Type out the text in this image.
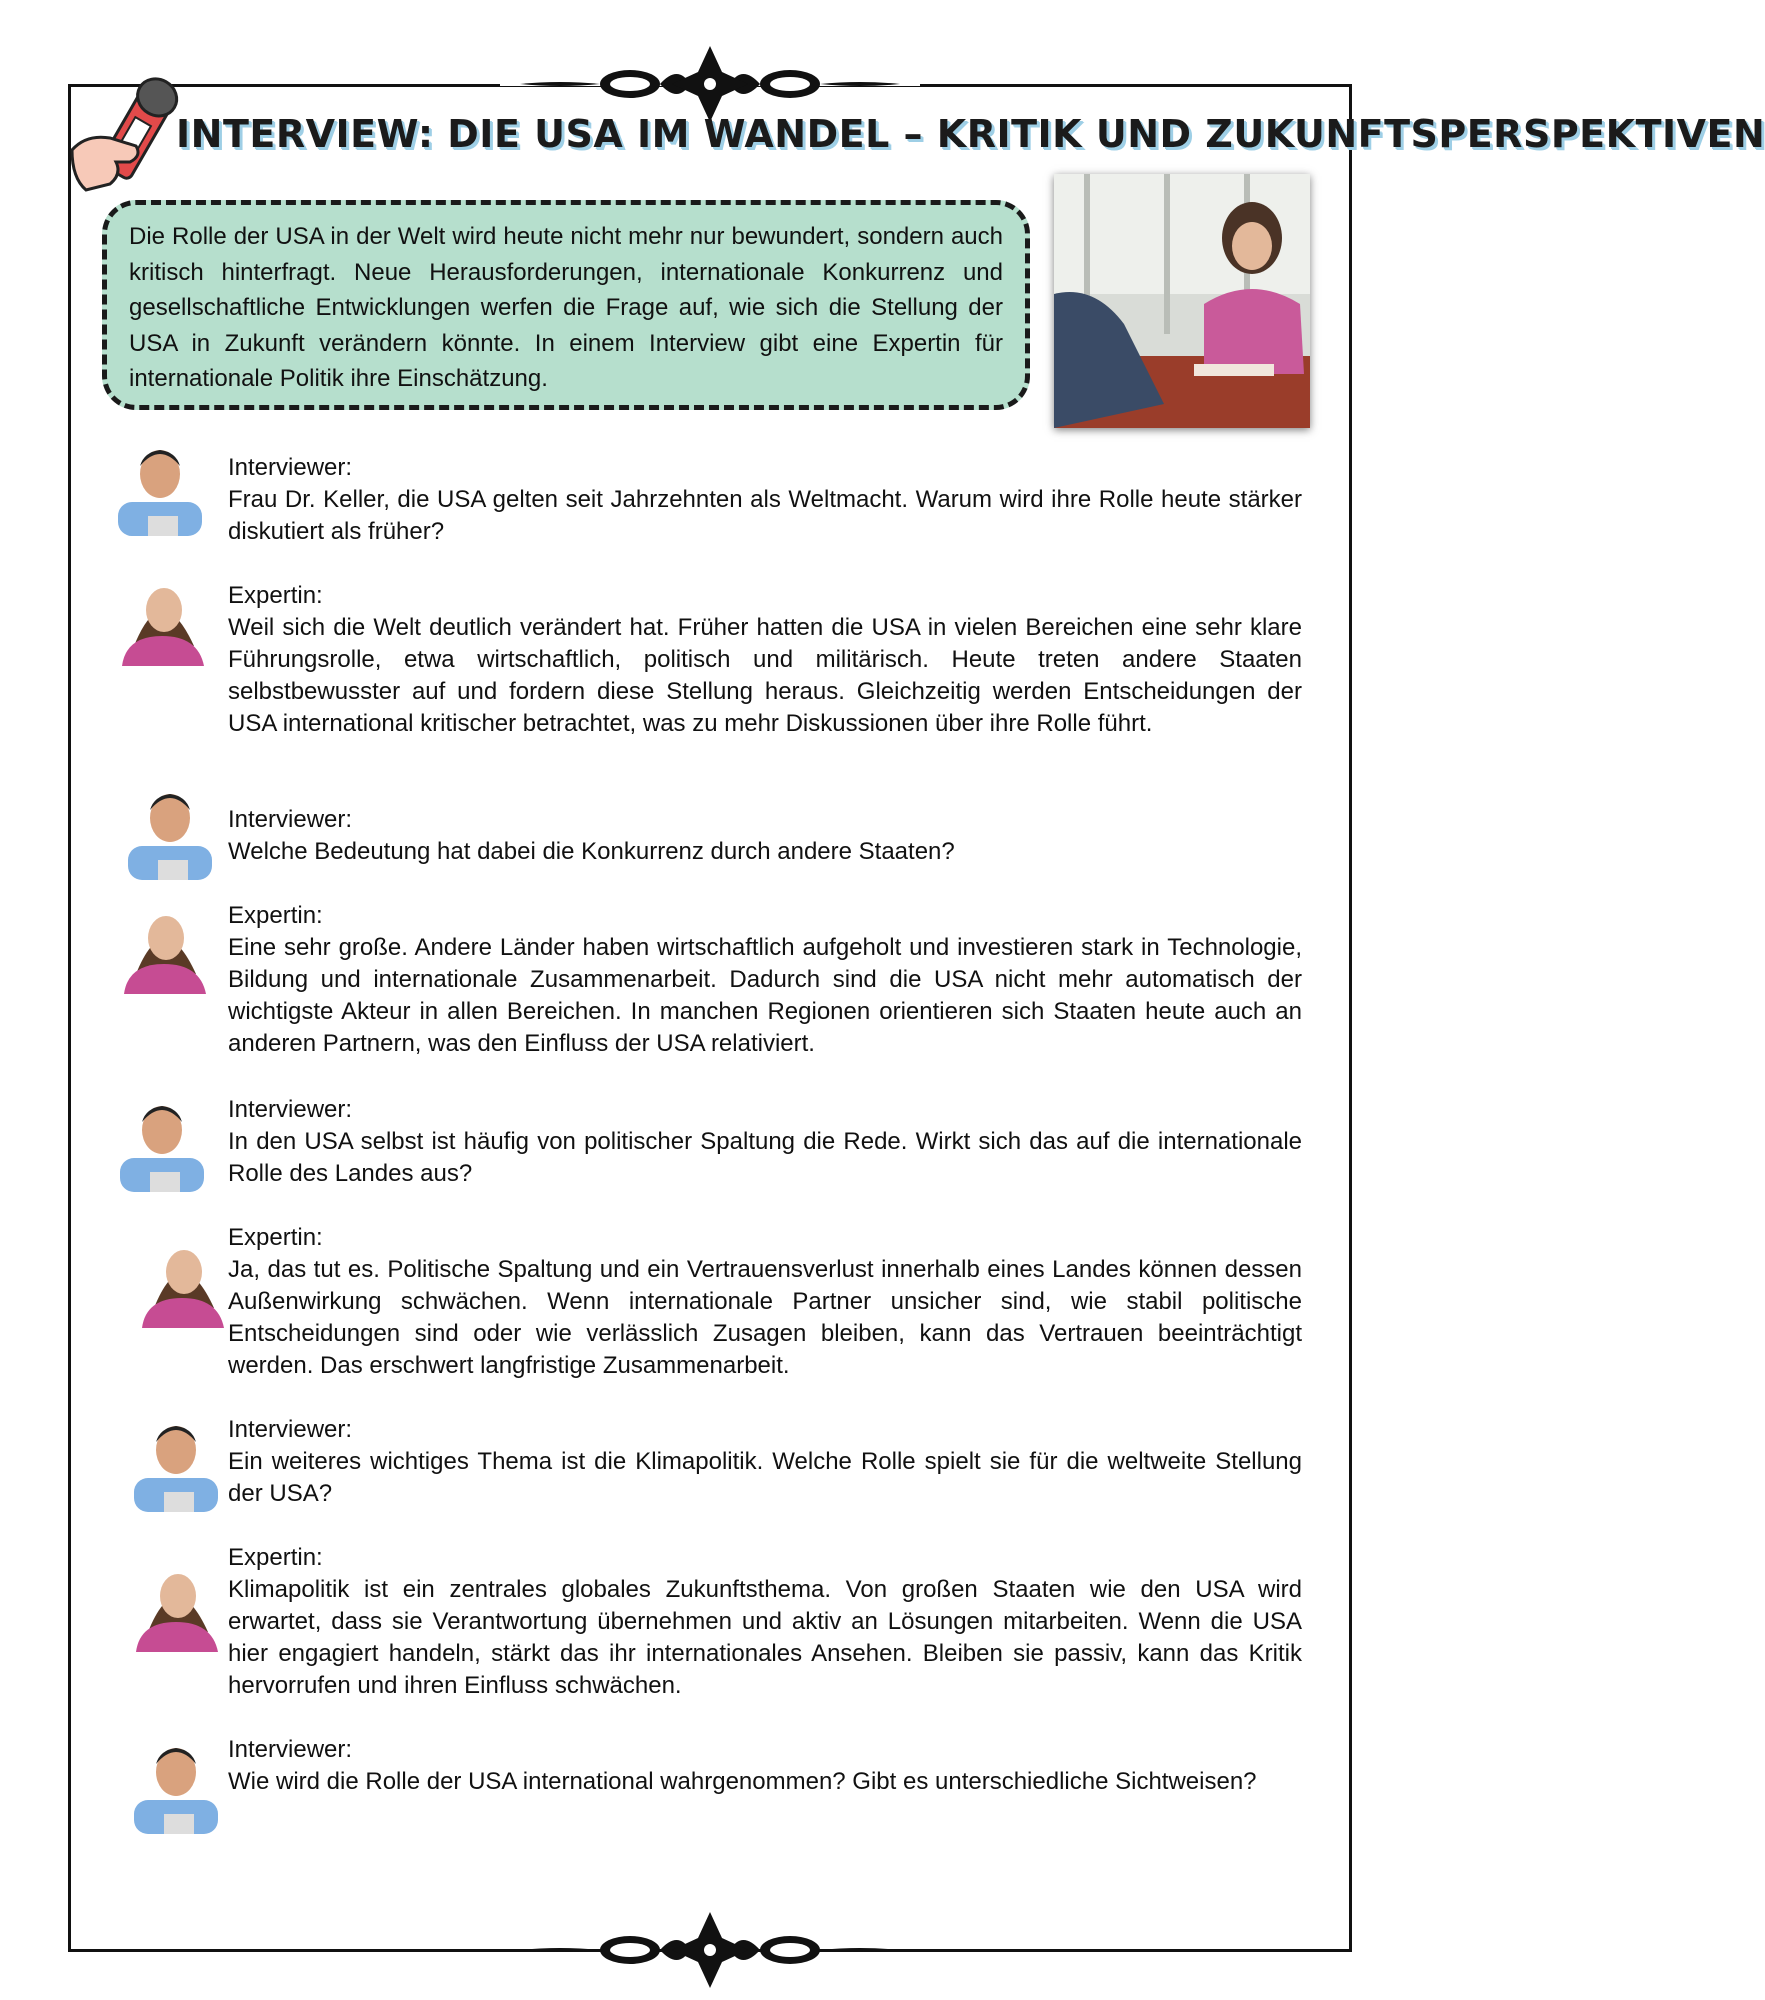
INTERVIEW: DIE USA IM WANDEL – KRITIK UND ZUKUNFTSPERSPEKTIVEN

Die Rolle der USA in der Welt wird heute nicht mehr nur bewundert, sondern auch kritisch hinterfragt. Neue Herausforderungen, internationale Konkurrenz und gesellschaftliche Entwicklungen werfen die Frage auf, wie sich die Stellung der USA in Zukunft verändern könnte. In einem Interview gibt eine Expertin für internationale Politik ihre Einschätzung.

Interviewer:

Frau Dr. Keller, die USA gelten seit Jahrzehnten als Weltmacht. Warum wird ihre Rolle heute stärker diskutiert als früher?

Expertin:

Weil sich die Welt deutlich verändert hat. Früher hatten die USA in vielen Bereichen eine sehr klare Führungsrolle, etwa wirtschaftlich, politisch und militärisch. Heute treten andere Staaten selbstbewusster auf und fordern diese Stellung heraus. Gleichzeitig werden Entscheidungen der USA international kritischer betrachtet, was zu mehr Diskussionen über ihre Rolle führt.

Interviewer:

Welche Bedeutung hat dabei die Konkurrenz durch andere Staaten?

Expertin:

Eine sehr große. Andere Länder haben wirtschaftlich aufgeholt und investieren stark in Technologie, Bildung und internationale Zusammenarbeit. Dadurch sind die USA nicht mehr automatisch der wichtigste Akteur in allen Bereichen. In manchen Regionen orientieren sich Staaten heute auch an anderen Partnern, was den Einfluss der USA relativiert.

Interviewer:

In den USA selbst ist häufig von politischer Spaltung die Rede. Wirkt sich das auf die internationale Rolle des Landes aus?

Expertin:

Ja, das tut es. Politische Spaltung und ein Vertrauensverlust innerhalb eines Landes können dessen Außenwirkung schwächen. Wenn internationale Partner unsicher sind, wie stabil politische Entscheidungen sind oder wie verlässlich Zusagen bleiben, kann das Vertrauen beeinträchtigt werden. Das erschwert langfristige Zusammenarbeit.

Interviewer:

Ein weiteres wichtiges Thema ist die Klimapolitik. Welche Rolle spielt sie für die weltweite Stellung der USA?

Expertin:

Klimapolitik ist ein zentrales globales Zukunftsthema. Von großen Staaten wie den USA wird erwartet, dass sie Verantwortung übernehmen und aktiv an Lösungen mitarbeiten. Wenn die USA hier engagiert handeln, stärkt das ihr internationales Ansehen. Bleiben sie passiv, kann das Kritik hervorrufen und ihren Einfluss schwächen.

Interviewer:

Wie wird die Rolle der USA international wahrgenommen? Gibt es unterschiedliche Sichtweisen?
